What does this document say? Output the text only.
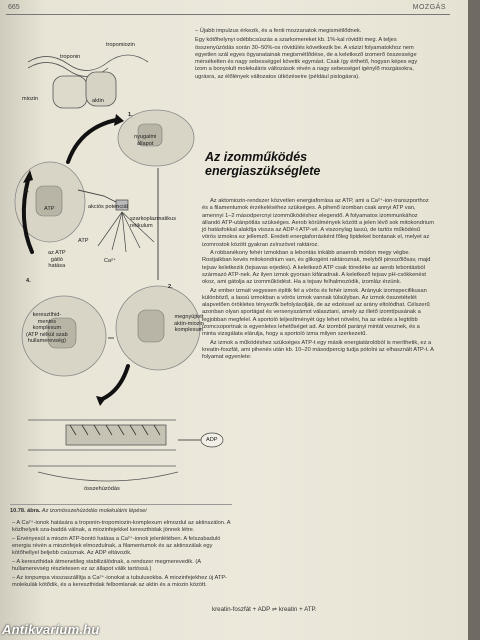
665	MOZGÁS
troponin
tropomiozin
miozin	aktin
1.
nyugalmi
állapot
3.
ATP	akciós potenciál
szarkoplazmatikus
retikulum
ATP
az ATP
gátló
hatása
Ca²⁺
4.
2.
keresztlhid-
mentes
komplexum
(ATP nélkül szab
hullamerevség)
megnyújtott
aktin-miozin
komplexum
ADP
összehúzódás
10.78. ábra. Az izomösszehúzódás molekuláris lépései

– A Ca²⁺-ionok hatására a troponin-tropomiozin-komplexum elmozdul az aktinszálon. A közlhelyek sza-baddá válnak, a miozinfejekkel kereszthidak jönnek létre.

– Érvényesül a miozin ATP-bontó hatása a Ca²⁺-ionok jelenlétében. A felszabaduló energia révén a miozinfejek elmozdulnak, a filamentumok és az aktinszálak egy kötőhellyel beljebb csúsznak. Az ADP eltávozik.

– A kereszthidak átmenetileg stabilizálódnak, a rendszer megmerevedik. (A hullamerevség részletesen ez az állapot válik tartóssá.)

– Az ionpumpa visszaszállítja a Ca²⁺-ionokat a tubulusokba. A miozinfejekhez új ATP-molekulák kötődik, és a kereszthidak felbomlanak az aktin és a miozin között.

– Újabb impulzus érkezik, és a fenti mozzanatok megismétlődnek.

Egy kötőhelynyi odébbcsúszás a szarkomereket kb. 1%-kal rövidíti meg. A teljes összenyúzódás során 30–50%-os rövidülés következik be. A vázizi folyamatokhoz nem egyetlen szál egyes ögyanatainak megismétlődése, de a keletkező izomerő összessége mérsékelten és nagy sebességgel követik egymást. Csak így érthető, hogyan képes egy izom a bonyolult molekuláris változások révén a nagy sebességet igénylő mozgásokra, ugrásra, az élőlények változatos ütközéseire (például pislogásra).

Az izomműködés energiaszükséglete

Az aktomiozin-rendszer közvetlen energiaforrása az ATP, ami a Ca²⁺-ion-transzporthoz és a filamentumok érzékeléséhez szükséges. A pihenő izomban csak annyi ATP van, amennyi 1–2 másodpercnyi izomműködéshez elegendő. A folyamatos izommunkához állandó ATP-utánpótlás szükséges. Aerob körülmények között a jelen lévő sok mitokondrium jó hatásfokkal alakítja vissza az ADP-t ATP-vé. A viszonylag lassú, de tartós működésű vörös izmokra ez jellemző. Eredeti energiaforrásként főleg lipideket bontanak el, melyet az izomrostok között gyakran zsírszövet raktároz.

A robbanékony fehér izmokban a lebontás inkább anaerob módon megy végbe. Rostjaikban kevés mitokondrium van, és glikogént raktároznak, melyből piroszőlősav, majd tejsav keletkezik (tejsavas erjedés). A keletkező ATP csak töredéke az aerob lebontásból származó ATP-nek. Az ilyen izmok gyorsan kifáradnak. A keletkező tejsav pH-csökkenést okoz, ami gátolja az izomműködést. Ha a tejsav felhalmozódik, izomláz érzünk.

Az ember izmait vegyesen építik fel a vörös és fehér izmok. Arányuk izomspecifikusan különböző, a lassú izmokban a vörös izmok vannak túlsúlyban. Az izmok összetételét alapvetően örökletes tényezők befolyásolják, de az edzéssel az arány eltolódhat. Célszerű azonban olyan sportágat és versenyszámot választani, amely az illető izomtípusának a legjobban megfelel. A sportoló teljesítményét úgy lehet növelni, ha az edzés a legtöbb izomcsoportnak is egyenletes lehetőséget ad. Az izomból parányi mintát vesznek, és a minta vizsgálata elárulja, hogy a sportoló izma milyen szerkezetű.

Az izmok a működéshez szükséges ATP-t egy másik energiatárolóból is meríthetik, ez a kreatin-foszfát, ami pihenés után kb. 10–20 másodpercig tudja pótolni az elhasznált ATP-t. A folyamat egyenlete:

kreatin-foszfát + ADP ⇌ kreatin + ATP.
Antikvarium.hu
